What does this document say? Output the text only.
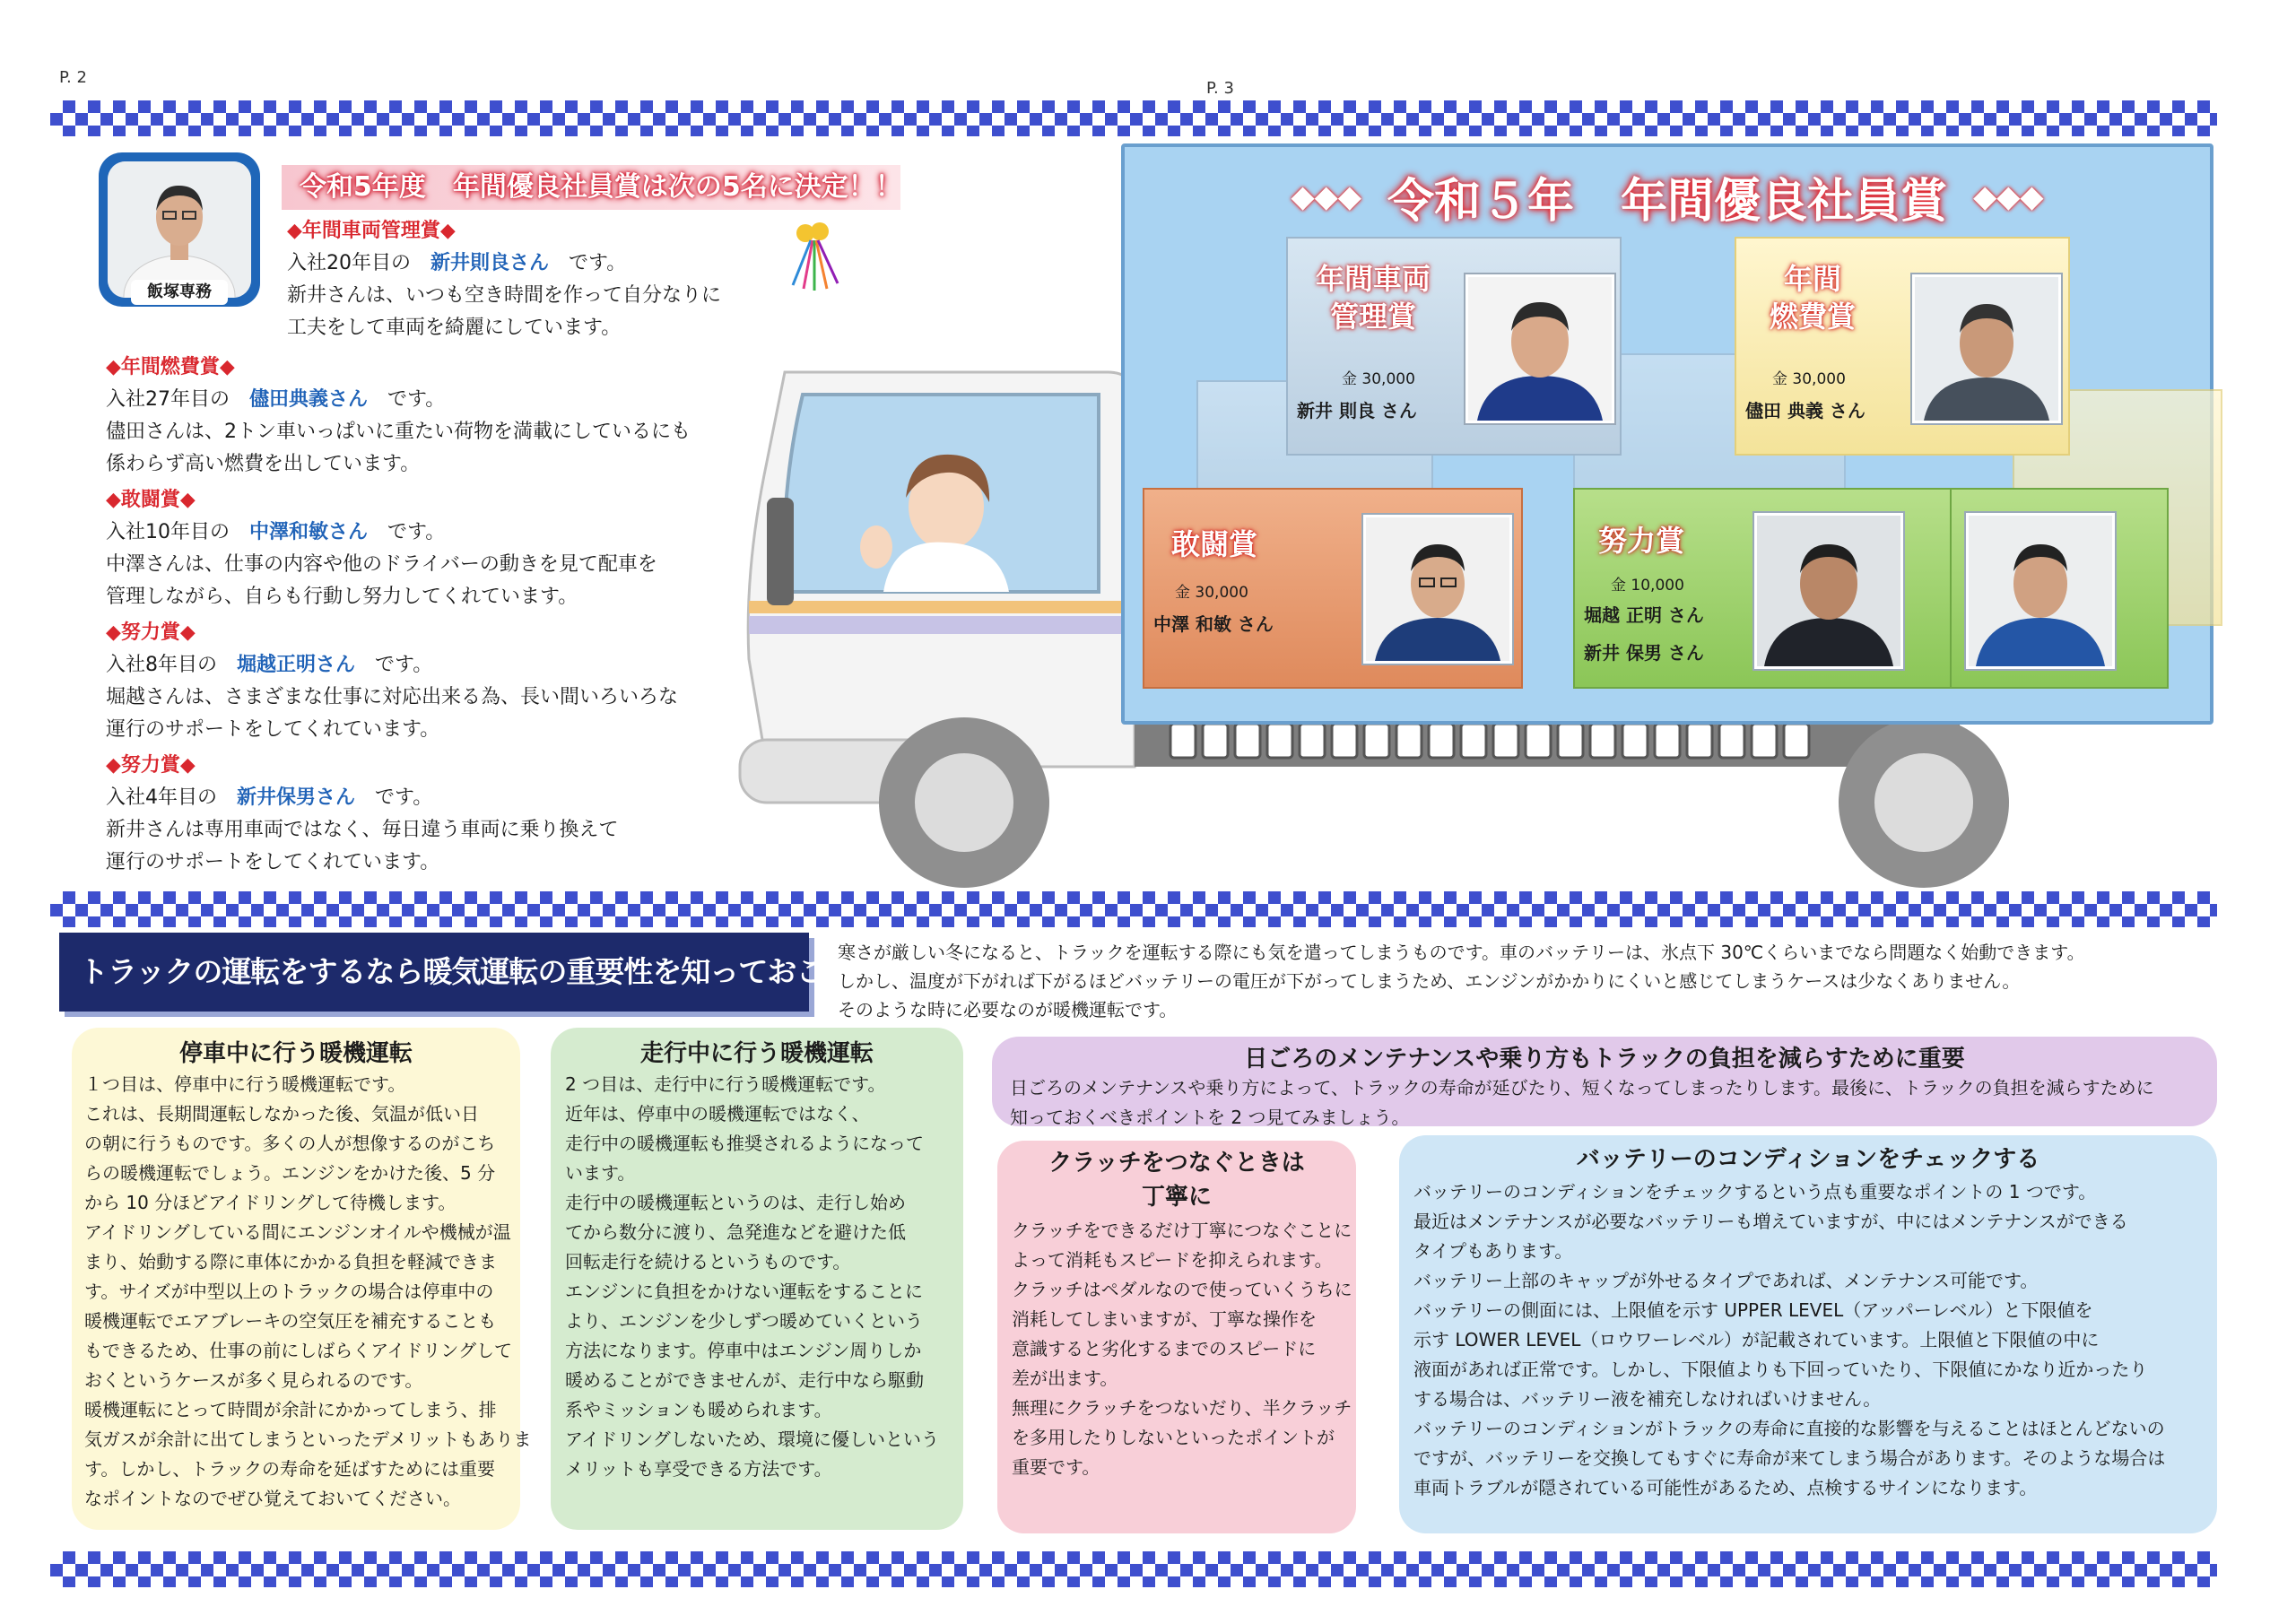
P. 2
P. 3
飯塚専務
令和5年度　年間優良社員賞は次の5名に決定！！
◆年間車両管理賞◆
入社20年目の　 新井則良さん　 です。
新井さんは、いつも空き時間を作って自分なりに
工夫をして車両を綺麗にしています。
◆年間燃費賞◆
入社27年目の　 儘田典義さん　 です。
儘田さんは、2トン車いっぱいに重たい荷物を満載にしているにも
係わらず高い燃費を出しています。
◆敢闘賞◆
入社10年目の　 中澤和敏さん　 です。
中澤さんは、仕事の内容や他のドライバーの動きを見て配車を
管理しながら、自らも行動し努力してくれています。
◆努力賞◆
入社8年目の　 堀越正明さん　 です。
堀越さんは、さまざまな仕事に対応出来る為、長い間いろいろな
運行のサポートをしてくれています。
◆努力賞◆
入社4年目の　 新井保男さん　 です。
新井さんは専用車両ではなく、毎日違う車両に乗り換えて
運行のサポートをしてくれています。
◆◆◆ 令和５年　年間優良社員賞 ◆◆◆
年間車両
管理賞
金 30,000
新井 則良 さん
年間
燃費賞
金 30,000
儘田 典義 さん
敢闘賞
金 30,000
中澤 和敏 さん
努力賞
金 10,000
堀越 正明 さん
新井 保男 さん
トラックの運転をするなら暖気運転の重要性を知っておこう！
寒さが厳しい冬になると、トラックを運転する際にも気を遣ってしまうものです。車のバッテリーは、氷点下 30℃くらいまでなら問題なく始動できます。
しかし、温度が下がれば下がるほどバッテリーの電圧が下がってしまうため、エンジンがかかりにくいと感じてしまうケースは少なくありません。
そのような時に必要なのが暖機運転です。
停車中に行う暖機運転
１つ目は、停車中に行う暖機運転です。
これは、長期間運転しなかった後、気温が低い日
の朝に行うものです。多くの人が想像するのがこち
らの暖機運転でしょう。エンジンをかけた後、5 分
から 10 分ほどアイドリングして待機します。
アイドリングしている間にエンジンオイルや機械が温
まり、始動する際に車体にかかる負担を軽減できま
す。サイズが中型以上のトラックの場合は停車中の
暖機運転でエアブレーキの空気圧を補充することも
もできるため、仕事の前にしばらくアイドリングして
おくというケースが多く見られるのです。
暖機運転にとって時間が余計にかかってしまう、排
気ガスが余計に出てしまうといったデメリットもありま
す。しかし、トラックの寿命を延ばすためには重要
なポイントなのでぜひ覚えておいてください。
走行中に行う暖機運転
2 つ目は、走行中に行う暖機運転です。
近年は、停車中の暖機運転ではなく、
走行中の暖機運転も推奨されるようになって
います。
走行中の暖機運転というのは、走行し始め
てから数分に渡り、急発進などを避けた低
回転走行を続けるというものです。
エンジンに負担をかけない運転をすることに
より、エンジンを少しずつ暖めていくという
方法になります。停車中はエンジン周りしか
暖めることができませんが、走行中なら駆動
系やミッションも暖められます。
アイドリングしないため、環境に優しいという
メリットも享受できる方法です。
日ごろのメンテナンスや乗り方もトラックの負担を減らすために重要
日ごろのメンテナンスや乗り方によって、トラックの寿命が延びたり、短くなってしまったりします。最後に、トラックの負担を減らすために
知っておくべきポイントを 2 つ見てみましょう。
クラッチをつなぐときは
丁寧に
クラッチをできるだけ丁寧につなぐことに
よって消耗もスピードを抑えられます。
クラッチはペダルなので使っていくうちに
消耗してしまいますが、丁寧な操作を
意識すると劣化するまでのスピードに
差が出ます。
無理にクラッチをつないだり、半クラッチ
を多用したりしないといったポイントが
重要です。
バッテリーのコンディションをチェックする
バッテリーのコンディションをチェックするという点も重要なポイントの 1 つです。
最近はメンテナンスが必要なバッテリーも増えていますが、中にはメンテナンスができる
タイプもあります。
バッテリー上部のキャップが外せるタイプであれば、メンテナンス可能です。
バッテリーの側面には、上限値を示す UPPER LEVEL（アッパーレベル）と下限値を
示す LOWER LEVEL（ロウワーレベル）が記載されています。上限値と下限値の中に
液面があれば正常です。しかし、下限値よりも下回っていたり、下限値にかなり近かったり
する場合は、バッテリー液を補充しなければいけません。
バッテリーのコンディションがトラックの寿命に直接的な影響を与えることはほとんどないの
ですが、バッテリーを交換してもすぐに寿命が来てしまう場合があります。そのような場合は
車両トラブルが隠されている可能性があるため、点検するサインになります。
